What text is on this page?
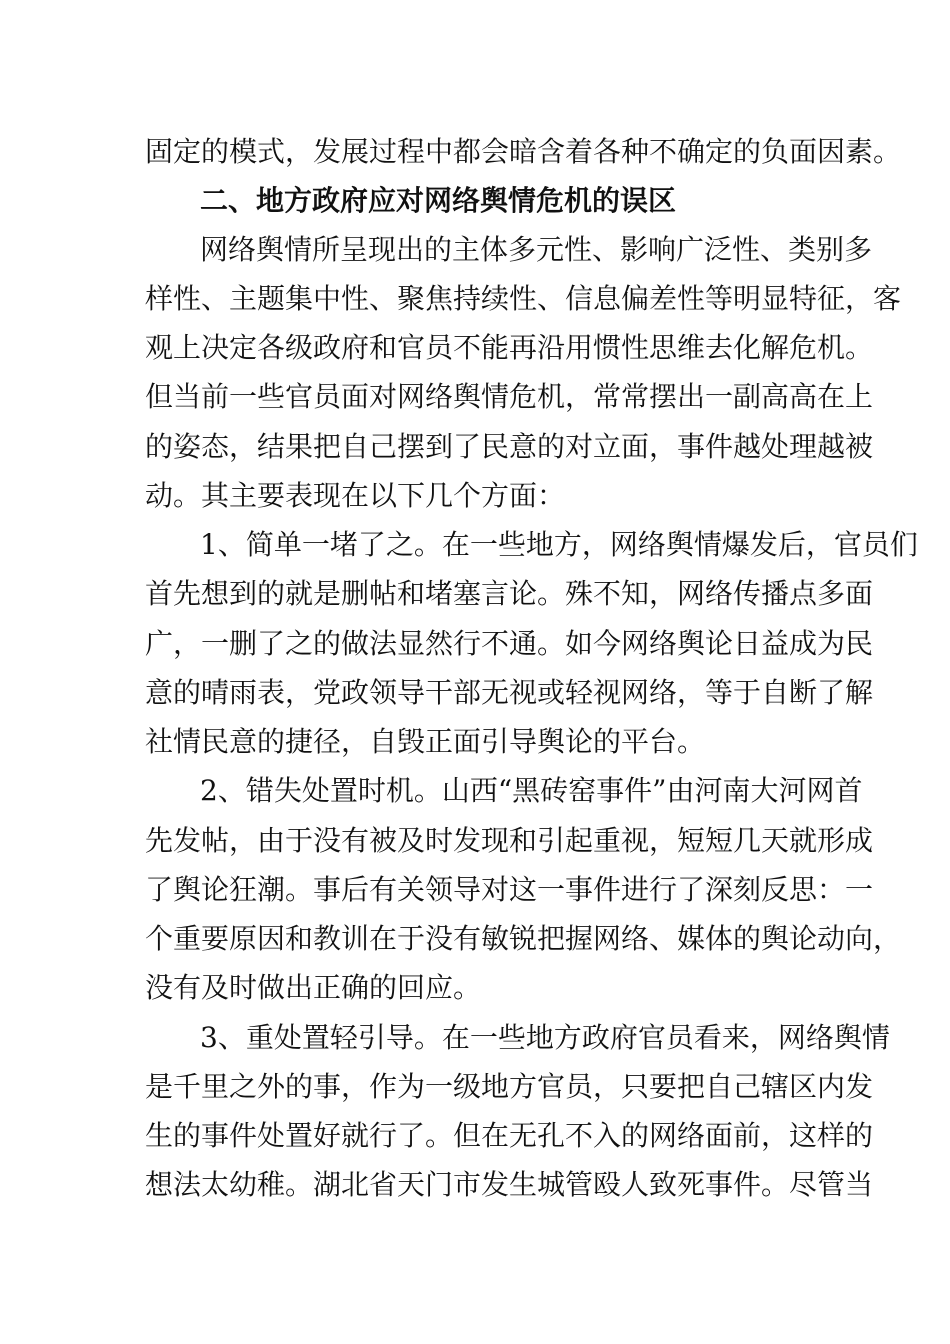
固定的模式，发展过程中都会暗含着各种不确定的负面因素。
二、地方政府应对网络舆情危机的误区
网络舆情所呈现出的主体多元性、影响广泛性、类别多
样性、主题集中性、聚焦持续性、信息偏差性等明显特征，客
观上决定各级政府和官员不能再沿用惯性思维去化解危机。
但当前一些官员面对网络舆情危机，常常摆出一副高高在上
的姿态，结果把自己摆到了民意的对立面，事件越处理越被
动。其主要表现在以下几个方面：
1、简单一堵了之。在一些地方，网络舆情爆发后，官员们
首先想到的就是删帖和堵塞言论。殊不知，网络传播点多面
广，一删了之的做法显然行不通。如今网络舆论日益成为民
意的晴雨表，党政领导干部无视或轻视网络，等于自断了解
社情民意的捷径，自毁正面引导舆论的平台。
2、错失处置时机。山西“黑砖窑事件”由河南大河网首
先发帖，由于没有被及时发现和引起重视，短短几天就形成
了舆论狂潮。事后有关领导对这一事件进行了深刻反思：一
个重要原因和教训在于没有敏锐把握网络、媒体的舆论动向，
没有及时做出正确的回应。
3、重处置轻引导。在一些地方政府官员看来，网络舆情
是千里之外的事，作为一级地方官员，只要把自己辖区内发
生的事件处置好就行了。但在无孔不入的网络面前，这样的
想法太幼稚。湖北省天门市发生城管殴人致死事件。尽管当
